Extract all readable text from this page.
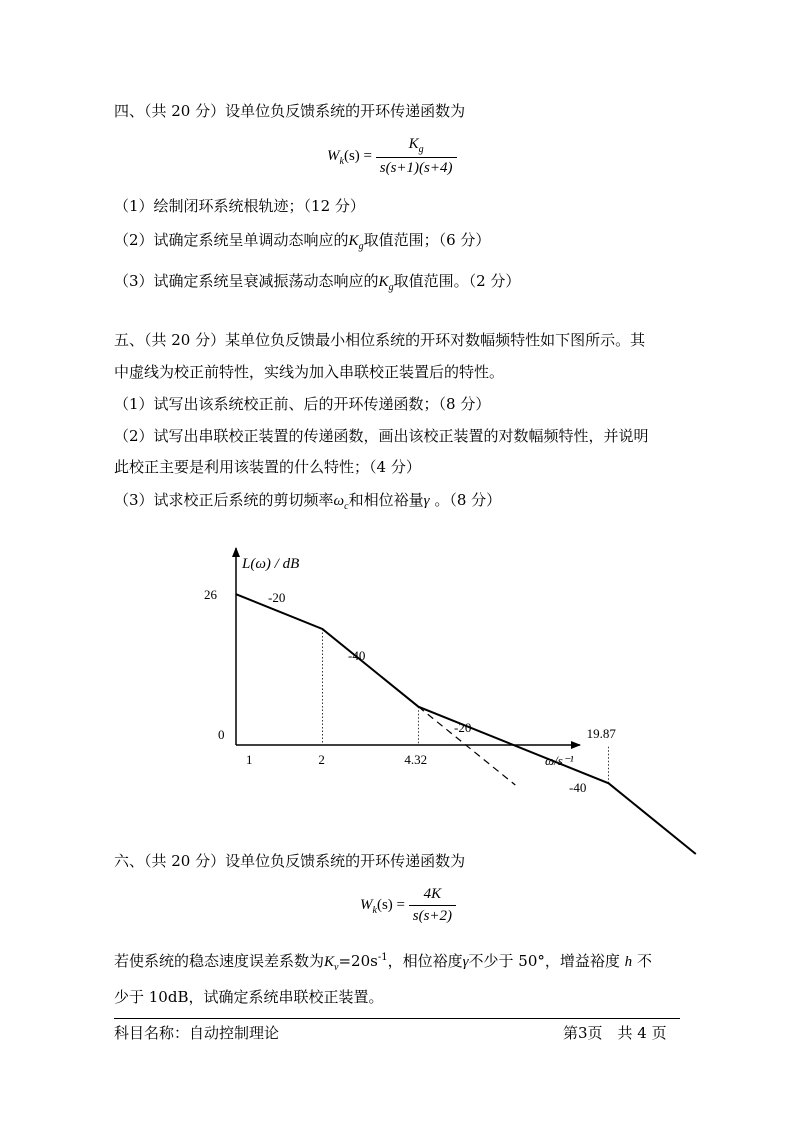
四、（共 20 分）设单位负反馈系统的开环传递函数为
$W_k(s) = \frac{K_g}{s(s+1)(s+4)}$
（1）绘制闭环系统根轨迹；（12 分）
（2）试确定系统呈单调动态响应的$K_g$取值范围；（6 分）
（3）试确定系统呈衰减振荡动态响应的$K_g$取值范围。（2 分）
五、（共 20 分）某单位负反馈最小相位系统的开环对数幅频特性如下图所示。其
中虚线为校正前特性，实线为加入串联校正装置后的特性。
（1）试写出该系统校正前、后的开环传递函数；（8 分）
（2）试写出串联校正装置的传递函数，画出该校正装置的对数幅频特性，并说明
此校正主要是利用该装置的什么特性；（4 分）
（3）试求校正后系统的剪切频率$\omega_c$和相位裕量γ 。（8 分）
L(ω) / dB
ω/s⁻¹
26
0
1	2	4.32
19.87
-20
-40
-20
-40
六、（共 20 分）设单位负反馈系统的开环传递函数为
$W_k(s) = \frac{4K}{s(s+2)}$
若使系统的稳态速度误差系数为$K_v=20s^{-1}$，相位裕度γ不少于 50°，增益裕度 h 不
少于 10dB，试确定系统串联校正装置。
科目名称：自动控制理论	第3页　共 4 页
